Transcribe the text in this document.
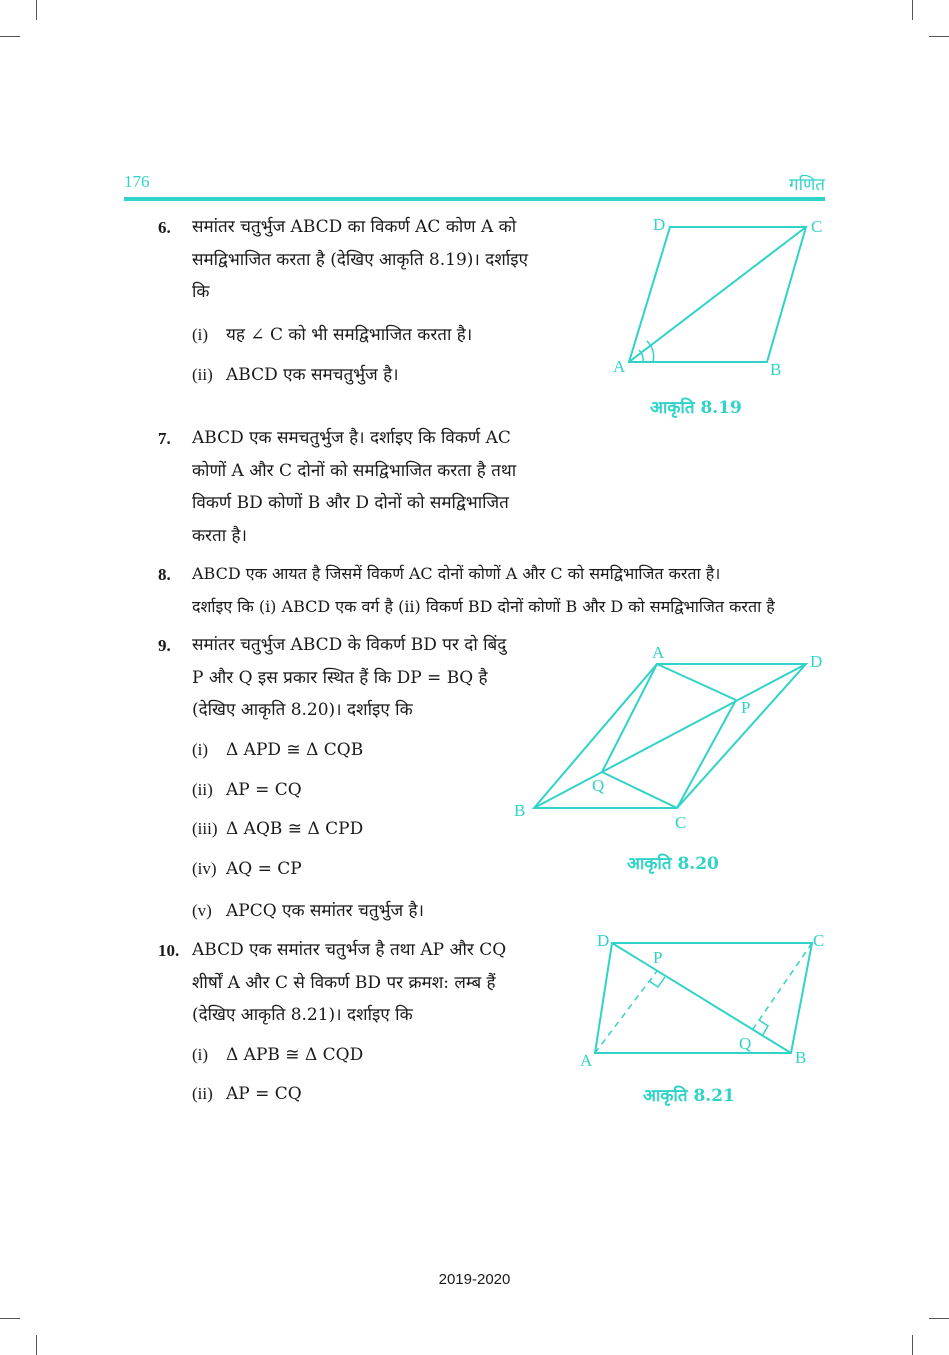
176	गणित
6. समांतर चतुर्भुज ABCD का विकर्ण AC कोण A को
समद्विभाजित करता है (देखिए आकृति 8.19)। दर्शाइए
कि
(i) यह ∠ C को भी समद्विभाजित करता है।
(ii) ABCD एक समचतुर्भुज है।
D	C
A	B
आकृति 8.19
7. ABCD एक समचतुर्भुज है। दर्शाइए कि विकर्ण AC
कोणों A और C दोनों को समद्विभाजित करता है तथा
विकर्ण BD कोणों B और D दोनों को समद्विभाजित
करता है।
8. ABCD एक आयत है जिसमें विकर्ण AC दोनों कोणों A और C को समद्विभाजित करता है।
दर्शाइए कि (i) ABCD एक वर्ग है (ii) विकर्ण BD दोनों कोणों B और D को समद्विभाजित करता है
9. समांतर चतुर्भुज ABCD के विकर्ण BD पर दो बिंदु
P और Q इस प्रकार स्थित हैं कि DP = BQ है
(देखिए आकृति 8.20)। दर्शाइए कि
(i) Δ APD ≅ Δ CQB
(ii) AP = CQ
(iii) Δ AQB ≅ Δ CPD
(iv) AQ = CP
(v) APCQ एक समांतर चतुर्भुज है।
A	D
P
Q
B
C
आकृति 8.20
10. ABCD एक समांतर चतुर्भज है तथा AP और CQ
शीर्षों A और C से विकर्ण BD पर क्रमश: लम्ब हैं
(देखिए आकृति 8.21)। दर्शाइए कि
(i) Δ APB ≅ Δ CQD
(ii) AP = CQ
D	C
P
Q
A	B
आकृति 8.21
2019-2020
